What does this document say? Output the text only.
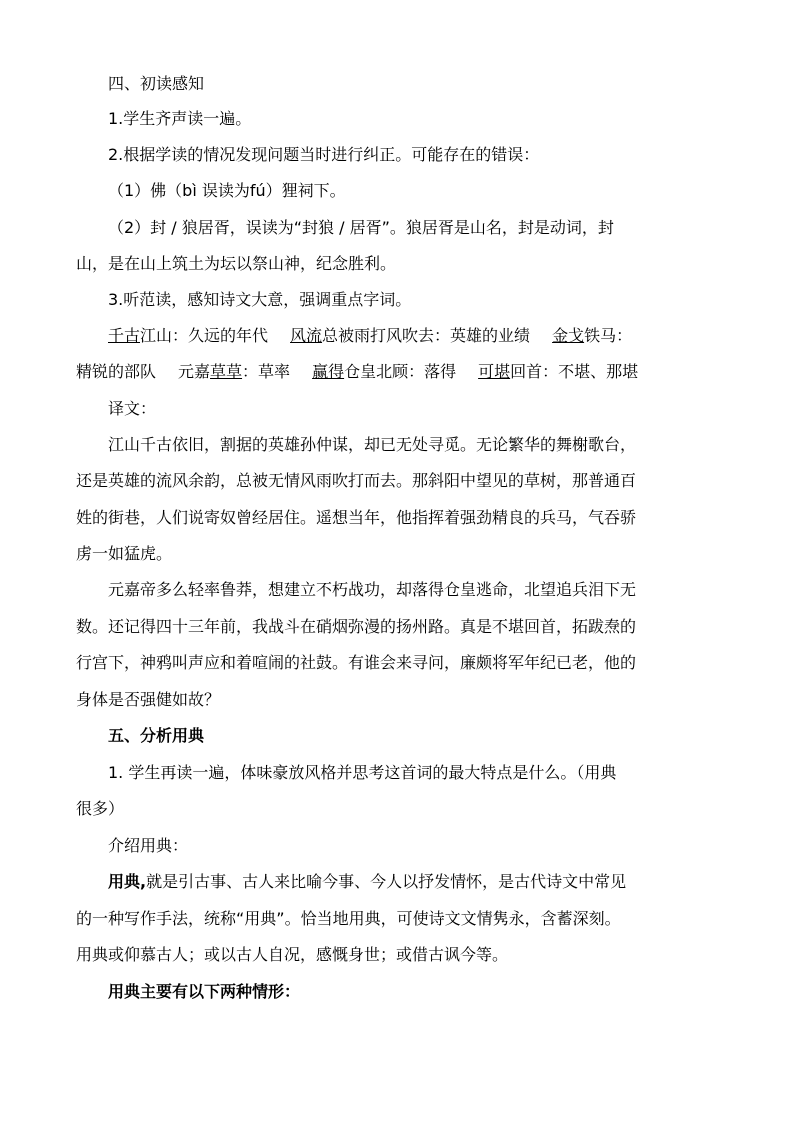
四、初读感知
1.学生齐声读一遍。
2.根据学读的情况发现问题当时进行纠正。可能存在的错误：
（1）佛（bì 误读为fú）狸祠下。
（2）封 / 狼居胥，误读为“封狼 / 居胥”。狼居胥是山名，封是动词，封
山，是在山上筑土为坛以祭山神，纪念胜利。
3.听范读，感知诗文大意，强调重点字词。
千古江山：久远的年代 风流总被雨打风吹去：英雄的业绩 金戈铁马：
精锐的部队 元嘉草草：草率 赢得仓皇北顾：落得 可堪回首：不堪、那堪
译文：
江山千古依旧，割据的英雄孙仲谋，却已无处寻觅。无论繁华的舞榭歌台，
还是英雄的流风余韵，总被无情风雨吹打而去。那斜阳中望见的草树，那普通百
姓的街巷，人们说寄奴曾经居住。遥想当年，他指挥着强劲精良的兵马，气吞骄
虏一如猛虎。
元嘉帝多么轻率鲁莽，想建立不朽战功，却落得仓皇逃命，北望追兵泪下无
数。还记得四十三年前，我战斗在硝烟弥漫的扬州路。真是不堪回首，拓跋焘的
行宫下，神鸦叫声应和着喧闹的社鼓。有谁会来寻问，廉颇将军年纪已老，他的
身体是否强健如故？
五、分析用典
1. 学生再读一遍，体味豪放风格并思考这首词的最大特点是什么。（用典
很多）
介绍用典：
用典,就是引古事、古人来比喻今事、今人以抒发情怀，是古代诗文中常见
的一种写作手法，统称“用典”。恰当地用典，可使诗文文情隽永，含蓄深刻。
用典或仰慕古人；或以古人自况，感慨身世；或借古讽今等。
用典主要有以下两种情形：
